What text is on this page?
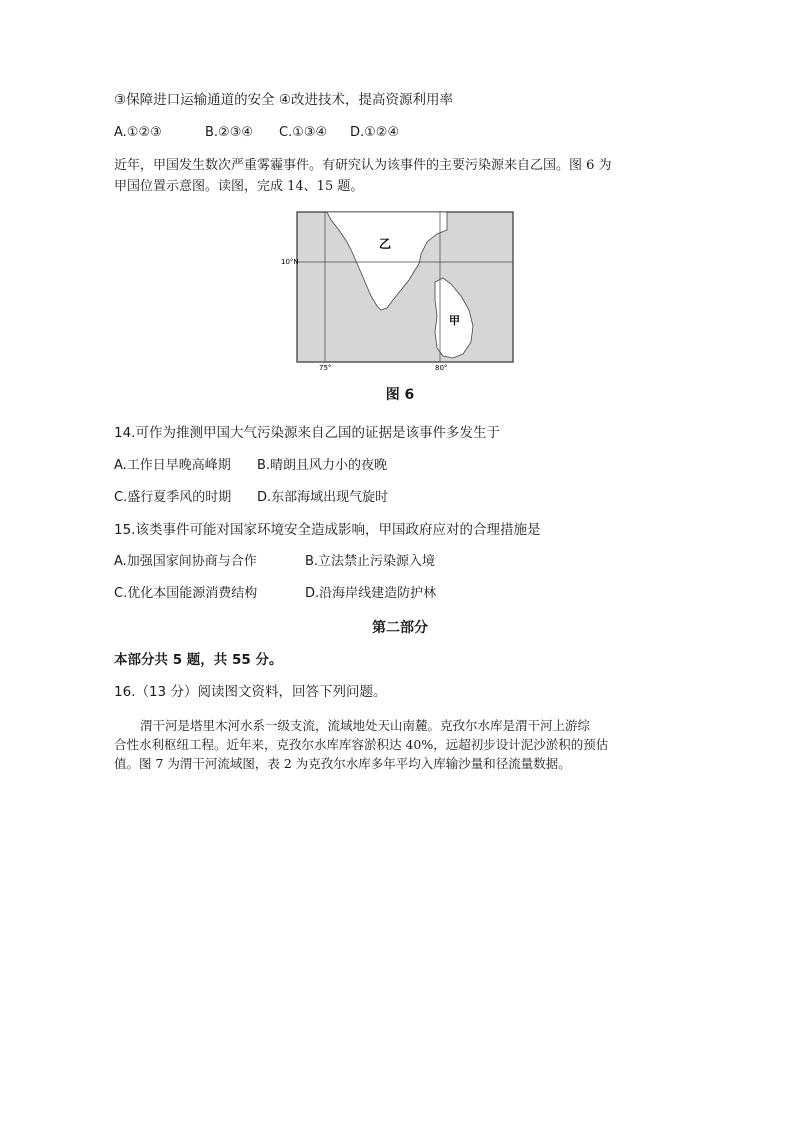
③保障进口运输通道的安全 ④改进技术，提高资源利用率
A.①②③	B.②③④ C.①③④ D.①②④
近年，甲国发生数次严重雾霾事件。有研究认为该事件的主要污染源来自乙国。图 6 为
甲国位置示意图。读图，完成 14、15 题。
10°N
75°	80°
乙
甲
图 6
14.可作为推测甲国大气污染源来自乙国的证据是该事件多发生于
A.工作日早晚高峰期 B.晴朗且风力小的夜晚
C.盛行夏季风的时期 D.东部海域出现气旋时
15.该类事件可能对国家环境安全造成影响，甲国政府应对的合理措施是
A.加强国家间协商与合作	B.立法禁止污染源入境
C.优化本国能源消费结构	D.沿海岸线建造防护林
第二部分
本部分共 5 题，共 55 分。
16.（13 分）阅读图文资料，回答下列问题。

渭干河是塔里木河水系一级支流，流域地处天山南麓。克孜尔水库是渭干河上游综

合性水利枢纽工程。近年来，克孜尔水库库容淤积达 40%，远超初步设计泥沙淤积的预估

值。图 7 为渭干河流域图，表 2 为克孜尔水库多年平均入库输沙量和径流量数据。
